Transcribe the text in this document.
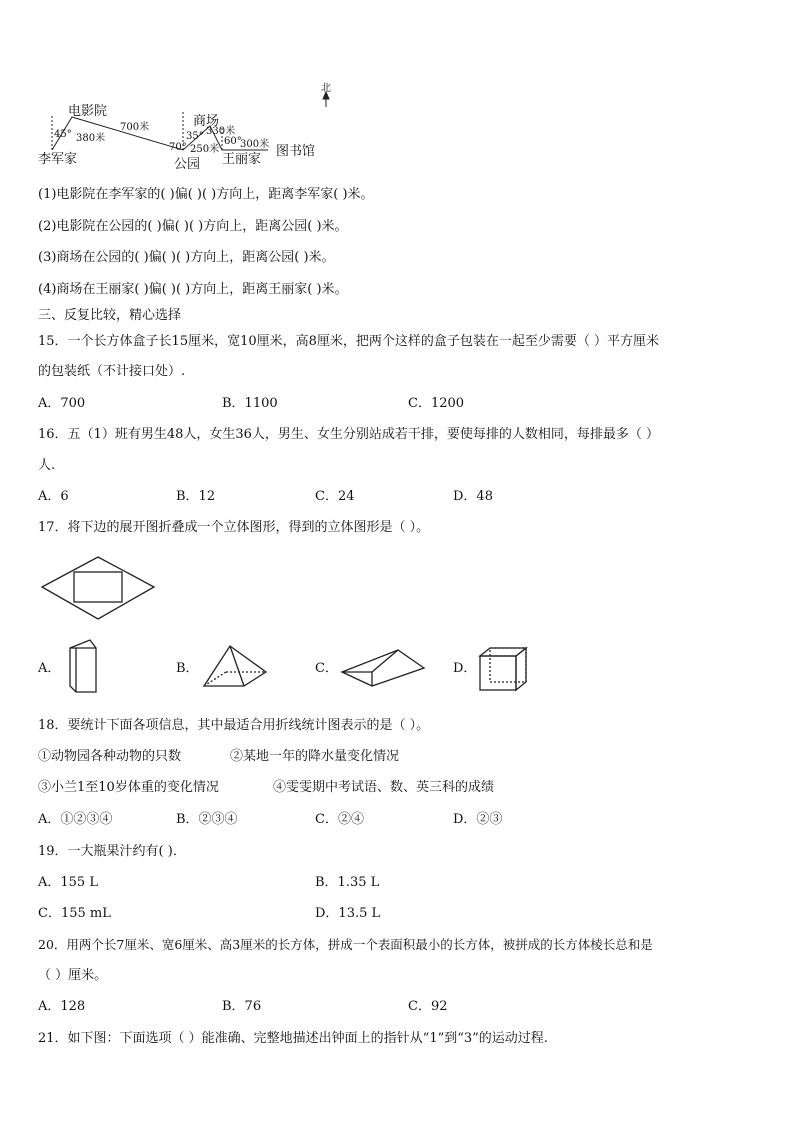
北
电影院
李军家	公园
商场
王丽家
图书馆
45° 380米
700米
70°
35°
250米
330米
60°
300米
(1)电影院在李军家的( )偏( )( )方向上，距离李军家( )米。
(2)电影院在公园的( )偏( )( )方向上，距离公园( )米。
(3)商场在公园的( )偏( )( )方向上，距离公园( )米。
(4)商场在王丽家( )偏( )( )方向上，距离王丽家( )米。
三、反复比较，精心选择
15．一个长方体盒子长15厘米，宽10厘米，高8厘米，把两个这样的盒子包装在一起至少需要（ ）平方厘米
的包装纸（不计接口处）.
A．700	B．1100	C．1200
16．五（1）班有男生48人，女生36人，男生、女生分别站成若干排，要使每排的人数相同，每排最多（ ）
人.
A．6	B．12	C．24	D．48
17．将下边的展开图折叠成一个立体图形，得到的立体图形是（ ）。
A．	B．	C．	D．
18．要统计下面各项信息，其中最适合用折线统计图表示的是（ ）。
①动物园各种动物的只数	②某地一年的降水量变化情况
③小兰1至10岁体重的变化情况	④雯雯期中考试语、数、英三科的成绩
A．①②③④	B．②③④	C．②④	D．②③
19．一大瓶果汁约有( )．
A．155 L	B．1.35 L
C．155 mL	D．13.5 L
20．用两个长7厘米、宽6厘米、高3厘米的长方体，拼成一个表面积最小的长方体，被拼成的长方体棱长总和是
（ ）厘米。
A．128	B．76	C．92
21．如下图：下面选项（ ）能准确、完整地描述出钟面上的指针从“1”到“3”的运动过程.
